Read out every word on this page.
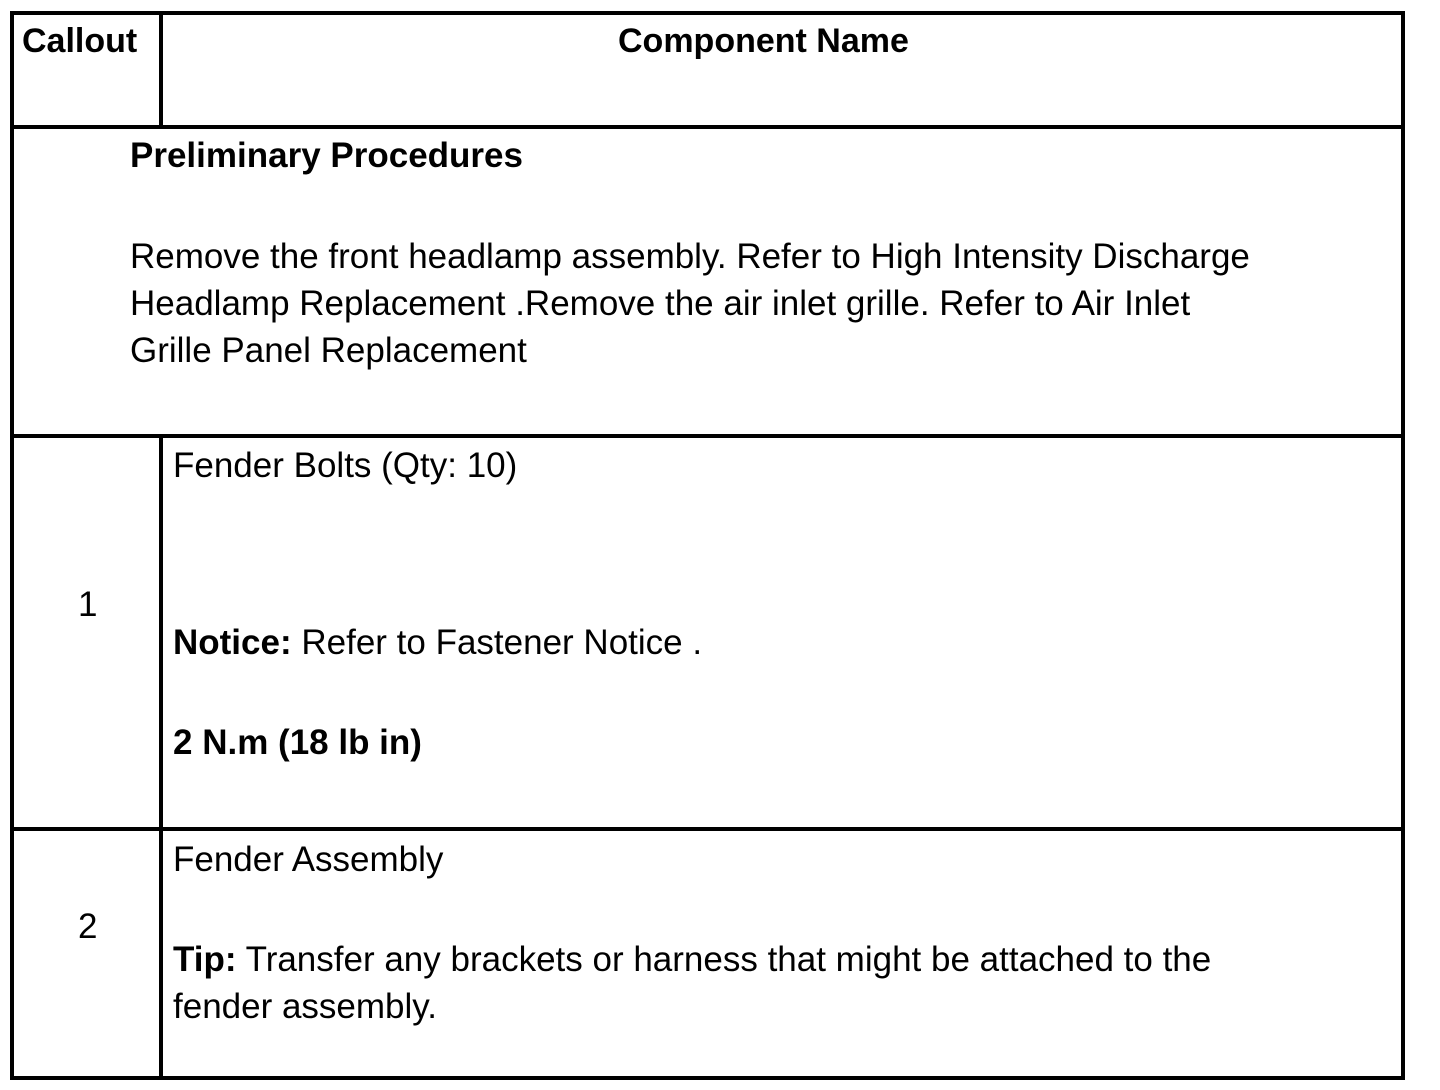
Callout	Component Name
Preliminary Procedures
Remove the front headlamp assembly. Refer to High Intensity Discharge
Headlamp Replacement .Remove the air inlet grille. Refer to Air Inlet
Grille Panel Replacement
1
Fender Bolts (Qty: 10)
Notice: Refer to Fastener Notice .
2 N.m (18 lb in)
2
Fender Assembly
Tip: Transfer any brackets or harness that might be attached to the
fender assembly.
